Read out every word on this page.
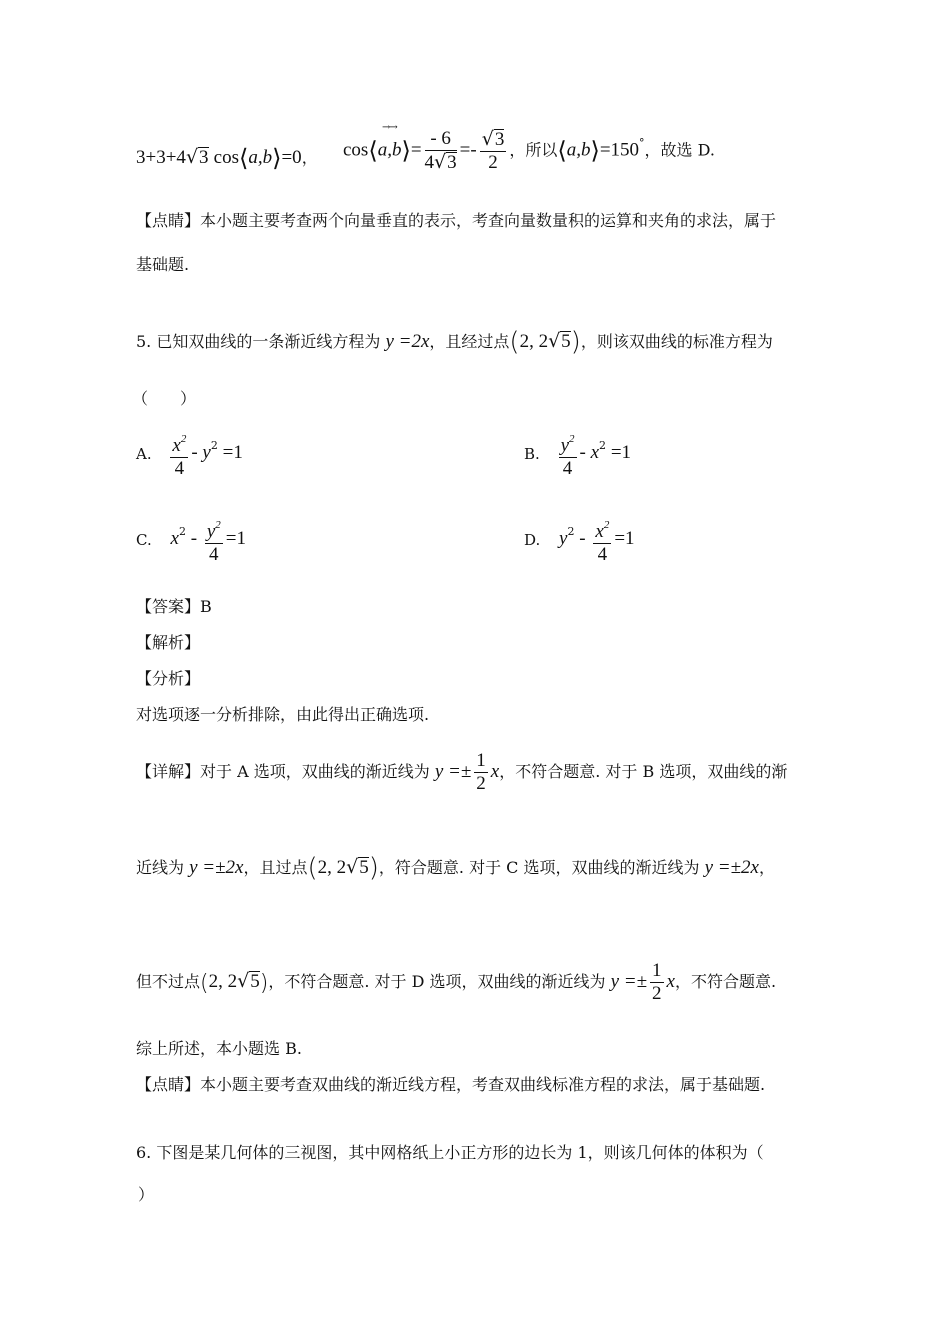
3+3+4√3 cos⟨a,b⟩=0，
→→
cos⟨a,b⟩= $\frac{- 6}{4√3} =- \frac{√3}{2}$ ，所以⟨a,b⟩=150°，故选 D.
【点睛】本小题主要考查两个向量垂直的表示，考查向量数量积的运算和夹角的求法，属于
基础题.
5. 已知双曲线的一条渐近线方程为 y =2x，且经过点(2, 2√5)，则该双曲线的标准方程为
（　　）
A. $\frac{x^2}{4} - y^2 =1$	B. $\frac{y^2}{4} - x^2 =1$
C. $x^2 - \frac{y^2}{4} =1$	D. $y^2 - \frac{x^2}{4} =1$
【答案】B
【解析】
【分析】
对选项逐一分析排除，由此得出正确选项.
【详解】对于 A 选项，双曲线的渐近线为 $y =\pm \frac{1}{2}$ x，不符合题意. 对于 B 选项，双曲线的渐
近线为 y =±2x，且过点(2, 2√5)，符合题意. 对于 C 选项，双曲线的渐近线为 y =±2x，
但不过点(2, 2√5)，不符合题意. 对于 D 选项，双曲线的渐近线为 $y =\pm \frac{1}{2}$ x，不符合题意.
综上所述，本小题选 B.
【点睛】本小题主要考查双曲线的渐近线方程，考查双曲线标准方程的求法，属于基础题.
6. 下图是某几何体的三视图，其中网格纸上小正方形的边长为 1，则该几何体的体积为（
）
